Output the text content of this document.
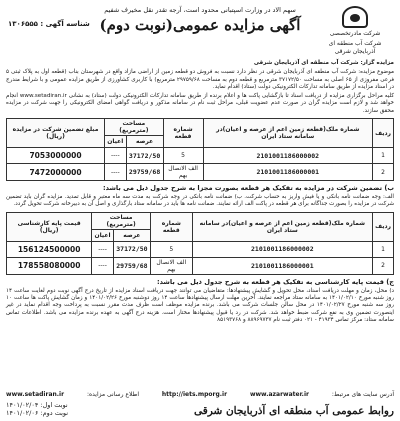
شرکت مادرتخصصی
شرکت آب منطقه ای آذربایجان شرقی
سهم الاد در وزارت اسپتبانی محدود است، آرجه تقدر نقل مخیرف شفیم
آگهی مزایده عمومی(نوبت دوم)
شناسه آگهی : ۱۳۰۶۵۵۵
مزایده گزار: شرکت آب منطقه ای آذربایجان شرقی
موضوع مزایده: شرکت آب منطقه ای آذربایجان شرقی در نظر دارد نسبت به فروش دو قطعه زمین از اراضی مازاد واقع در شهرستان بناب (قطعه اول به پلاک ثبتی ۵ فرعی مفروزی از ۶۵ اصلی به مساحت ۳۷۱۷۲/۵۰ مترمربع و قطعه دوم به مساحت ۲۹۷۵۹/۶۸ مترمربع) با کاربری کشاورزی از طریق مزایده عمومی و با شرایط مندرج در اسناد مزایده از طریق سامانه تدارکات الکترونیکی دولت (ستاد) اقدام نماید.
کلیه مراحل برگزاری مزایده از دریافت اسناد تا بازگشایی پاکت ها و اعلام برنده از طریق سامانه تدارکات الکترونیکی دولت (ستاد) به نشانی www.setadiran.ir انجام خواهد شد و لازم است مزایده گران در صورت عدم عضویت قبلی، مراحل ثبت نام در سامانه مذکور و دریافت گواهی امضای الکترونیکی را جهت شرکت در مزایده محقق سازند.
ردیف	شماره ملک(قطعه زمین اعم از عرصه و اعیان)در سامانه ستاد ایران	شماره قطعه	مساحت (مترمربع)		مبلغ تضمین شرکت در مزایده (ریال)
			عرصه	اعیان	
1	2101001186000002	5	37172/50	----	7053000000
2	2101001186000001	الف الانصال بهم	29759/68	----	7472000000
ب) تضمین شرکت در مزایده به تفکیک هر قطعه بصورت مجزا به شرح جدول ذیل می باشد:
الف: وجه ضمانت نامه بانکی و یا فیش واریز به حساب شرکت. ب) ضمانت نامه بانکی در وجه شرکت به مدت سه ماه معتبر و قابل تمدید. مزایده گران باید تضمین شرکت در مزایده را بصورت جداگانه برای هر قطعه در پاکت الف ارائه نمایند. ضمانت نامه ها باید در سامانه ستاد بارگذاری و اصل آن به دبیرخانه شرکت تحویل گردد.
ردیف	شماره ملک(قطعه زمین اعم از عرصه و اعیان)در سامانه ستاد ایران	شماره قطعه	مساحت (مترمربع)		قیمت پایه کارشناسی (ریال)
			عرصه	اعیان	
1	2101001186000002	5	37172/50	----	156124500000
2	2101001186000001	الف الانصال بهم	29759/68	----	178558080000
ج) قیمت پایه کارشناسی به تفکیک هر قطعه به شرح جدول ذیل می باشد:
د) محل، زمان و مهلت دریافت اسناد، محل تحویل و گشایش پیشنهادها: متقاضیان می توانند جهت دریافت اسناد مزایده از تاریخ درج آگهی نوبت دوم لغایت ساعت ۱۴ روز شنبه مورخ ۱۴۰۱/۰۲/۱۰ به سامانه ستاد مراجعه نمایند. آخرین مهلت ارسال پیشنهادها ساعت ۱۴ روز دوشنبه مورخ ۱۴۰۱/۰۲/۲۶ و زمان گشایش پاکت ها ساعت ۱۰ روز سه شنبه مورخ ۱۴۰۱/۰۲/۲۷ در محل سالن جلسات شرکت می باشد. برنده مزایده موظف است ظرف مدت مقرر نسبت به پرداخت وجه اقدام نماید در غیر اینصورت تضمین وی به نفع شرکت ضبط خواهد شد. شرکت در رد یا قبول پیشنهادها مختار است. هزینه درج آگهی به عهده برنده مزایده می باشد. اطلاعات تماس سامانه ستاد: مرکز تماس ۴۱۹۳۴ - ۰۲۱ دفتر ثبت نام ۸۸۹۶۹۷۳۷ و ۸۵۱۹۳۷۶۸
آدرس سایت های مرتبط:
www.azarwater.ir
http://iets.mporg.ir
اطلاع رسانی مزایده:
www.setadiran.ir
روابط عمومی آب منطقه ای آذربایجان شرقی
نوبت اول: ۱۴۰۱/۰۲/۰۴
نوبت دوم: ۱۴۰۱/۰۲/۰۶
